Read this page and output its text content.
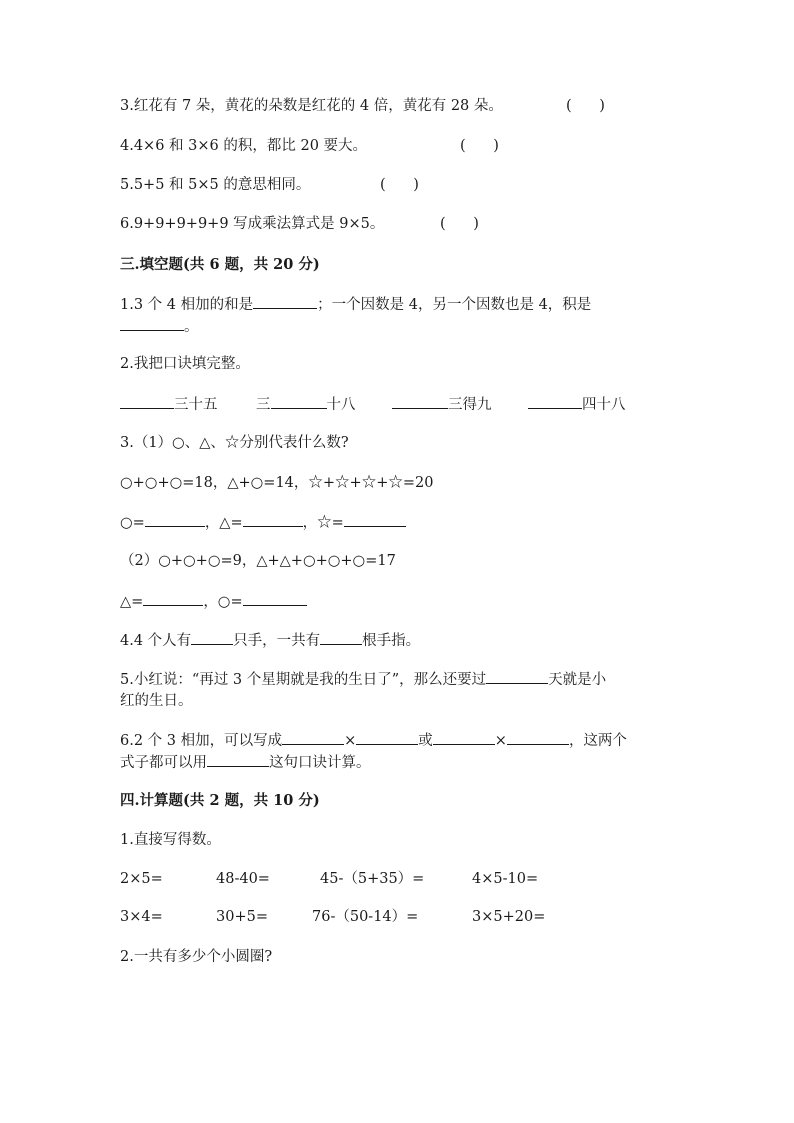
3.红花有 7 朵，黄花的朵数是红花的 4 倍，黄花有 28 朵。	(      )
4.4×6 和 3×6 的积，都比 20 要大。	(      )
5.5+5 和 5×5 的意思相同。	(      )
6.9+9+9+9+9 写成乘法算式是 9×5。	(      )
三.填空题(共 6 题，共 20 分)
1.3 个 4 相加的和是	；一个因数是 4，另一个因数也是 4，积是
。
2.我把口诀填完整。
三十五	三	十八	三得九	四十八
3.（1）○、△、☆分别代表什么数?
○+○+○=18，△+○=14，☆+☆+☆+☆=20
○=	，△=	，☆=
（2）○+○+○=9，△+△+○+○+○=17
△=	，○=
4.4 个人有	只手，一共有	根手指。
5.小红说：“再过 3 个星期就是我的生日了”，那么还要过	天就是小
红的生日。
6.2 个 3 相加，可以写成	×	或	×	，这两个
式子都可以用	这句口诀计算。
四.计算题(共 2 题，共 10 分)
1.直接写得数。
2×5=	48-40=	45-（5+35）=	4×5-10=
3×4=	30+5=	76-（50-14）=	3×5+20=
2.一共有多少个小圆圈?
